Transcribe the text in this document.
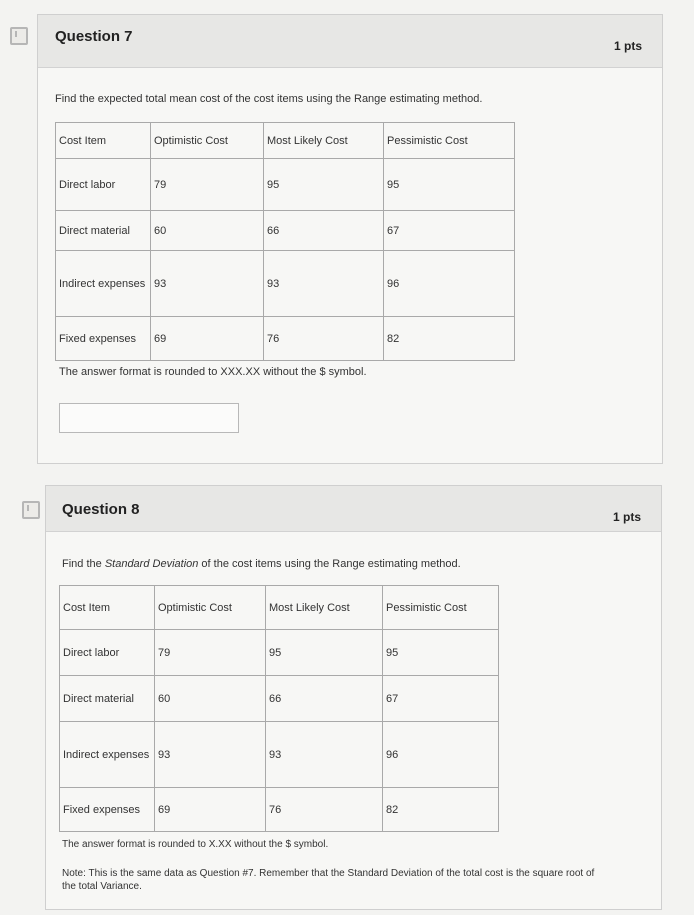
Question 7
1 pts
Find the expected total mean cost of the cost items using the Range estimating method.
Cost Item	Optimistic Cost	Most Likely Cost	Pessimistic Cost
Direct labor	79	95	95
Direct material	60	66	67
Indirect expenses	93	93	96
Fixed expenses	69	76	82
The answer format is rounded to XXX.XX without the $ symbol.
Question 8	1 pts
Find the Standard Deviation of the cost items using the Range estimating method.
Cost Item	Optimistic Cost	Most Likely Cost	Pessimistic Cost
Direct labor	79	95	95
Direct material	60	66	67
Indirect expenses	93	93	96
Fixed expenses	69	76	82
The answer format is rounded to X.XX without the $ symbol.
Note: This is the same data as Question #7. Remember that the Standard Deviation of the total cost is the square root of the total Variance.
